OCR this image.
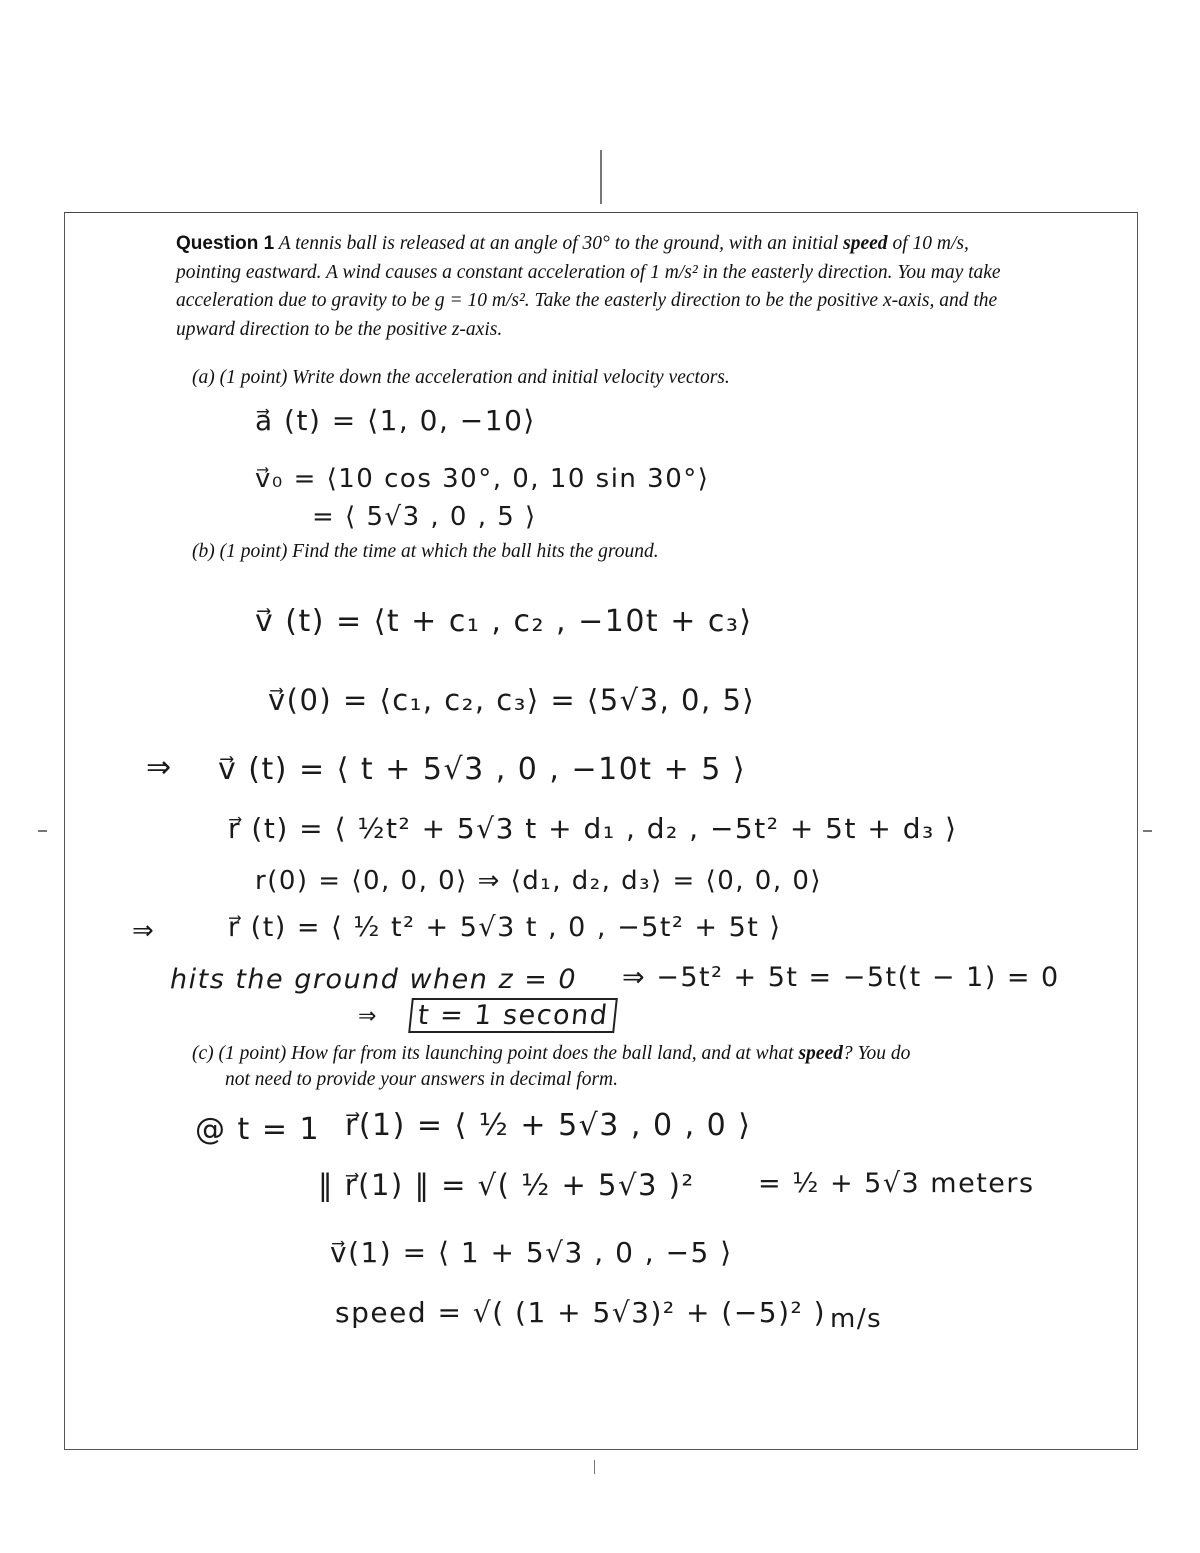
Question 1 A tennis ball is released at an angle of 30° to the ground, with an initial speed of 10 m/s, pointing eastward. A wind causes a constant acceleration of 1 m/s² in the easterly direction. You may take acceleration due to gravity to be g = 10 m/s². Take the easterly direction to be the positive x-axis, and the upward direction to be the positive z-axis.
(a) (1 point) Write down the acceleration and initial velocity vectors.
a⃗ (t) = ⟨1, 0, −10⟩
v⃗₀ = ⟨10 cos 30°, 0, 10 sin 30°⟩
= ⟨ 5√3 , 0 , 5 ⟩
(b) (1 point) Find the time at which the ball hits the ground.
v⃗ (t) = ⟨t + c₁ , c₂ , −10t + c₃⟩
v⃗(0) = ⟨c₁, c₂, c₃⟩ = ⟨5√3, 0, 5⟩
⇒ v⃗ (t) = ⟨ t + 5√3 , 0 , −10t + 5 ⟩
r⃗ (t) = ⟨ ½t² + 5√3 t + d₁ , d₂ , −5t² + 5t + d₃ ⟩
r(0) = ⟨0, 0, 0⟩ ⇒ ⟨d₁, d₂, d₃⟩ = ⟨0, 0, 0⟩
⇒	r⃗ (t) = ⟨ ½ t² + 5√3 t , 0 , −5t² + 5t ⟩
hits the ground when z = 0 ⇒ −5t² + 5t = −5t(t − 1) = 0
⇒ t = 1 second
(c) (1 point) How far from its launching point does the ball land, and at what speed? You do
not need to provide your answers in decimal form.
@ t = 1 r⃗(1) = ⟨ ½ + 5√3 , 0 , 0 ⟩
‖ r⃗(1) ‖ = √( ½ + 5√3 )² = ½ + 5√3 meters
v⃗(1) = ⟨ 1 + 5√3 , 0 , −5 ⟩
speed = √( (1 + 5√3)² + (−5)² ) m/s
